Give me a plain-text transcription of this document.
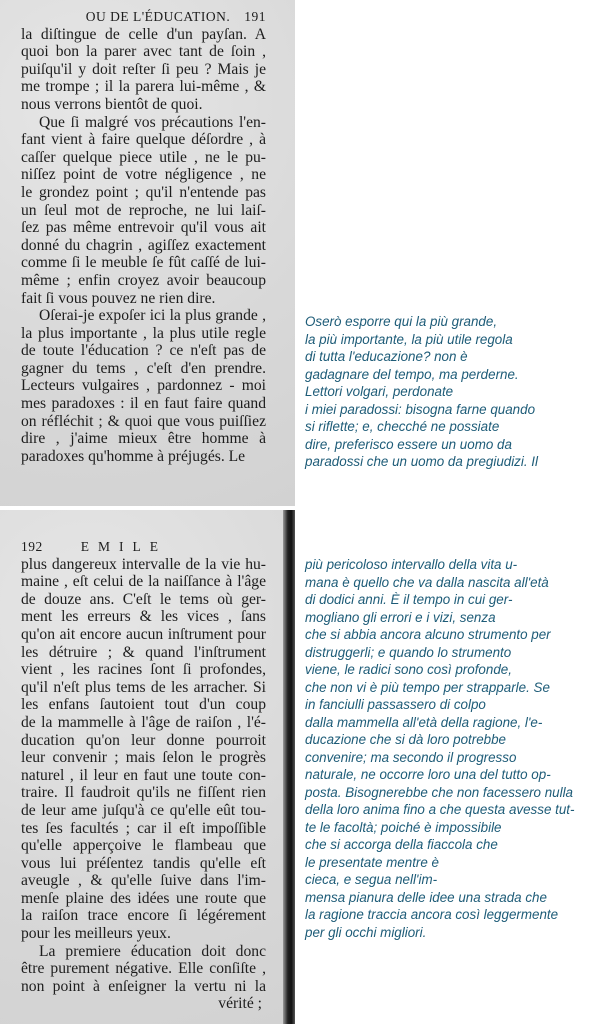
OU DE L'ÉDUCATION. 191
la diſtingue de celle d'un payſan. A
quoi bon la parer avec tant de ſoin ,
puiſqu'il y doit reſter ſi peu ? Mais je
me trompe ; il la parera lui-même , &
nous verrons bientôt de quoi.
Que ſi malgré vos précautions l'en-
fant vient à faire quelque déſordre , à
caſſer quelque piece utile , ne le pu-
niſſez point de votre négligence , ne
le grondez point ; qu'il n'entende pas
un ſeul mot de reproche, ne lui laiſ-
ſez pas même entrevoir qu'il vous ait
donné du chagrin , agiſſez exactement
comme ſi le meuble ſe fût caſſé de lui-
même ; enfin croyez avoir beaucoup
fait ſi vous pouvez ne rien dire.
Oſerai-je expoſer ici la plus grande ,
la plus importante , la plus utile regle
de toute l'éducation ? ce n'eſt pas de
gagner du tems , c'eſt d'en prendre.
Lecteurs vulgaires , pardonnez - moi
mes paradoxes : il en faut faire quand
on réfléchit ; & quoi que vous puiſſiez
dire , j'aime mieux être homme à
paradoxes qu'homme à préjugés. Le
192	EMILE
plus dangereux intervalle de la vie hu-
maine , eſt celui de la naiſſance à l'âge
de douze ans. C'eſt le tems où ger-
ment les erreurs & les vices , ſans
qu'on ait encore aucun inſtrument pour
les détruire ; & quand l'inſtrument
vient , les racines ſont ſi profondes,
qu'il n'eſt plus tems de les arracher. Si
les enfans ſautoient tout d'un coup
de la mammelle à l'âge de raiſon , l'é-
ducation qu'on leur donne pourroit
leur convenir ; mais ſelon le progrès
naturel , il leur en faut une toute con-
traire. Il faudroit qu'ils ne fiſſent rien
de leur ame juſqu'à ce qu'elle eût tou-
tes ſes facultés ; car il eſt impoſſible
qu'elle apperçoive le flambeau que
vous lui préſentez tandis qu'elle eſt
aveugle , & qu'elle ſuive dans l'im-
menſe plaine des idées une route que
la raiſon trace encore ſi légérement
pour les meilleurs yeux.
La premiere éducation doit donc
être purement négative. Elle conſiſte ,
non point à enſeigner la vertu ni la
vérité ;
Oserò esporre qui la più grande,
la più importante, la più utile regola
di tutta l'educazione? non è
gadagnare del tempo, ma perderne.
Lettori volgari, perdonate
i miei paradossi: bisogna farne quando
si riflette; e, checché ne possiate
dire, preferisco essere un uomo da
paradossi che un uomo da pregiudizi. Il
più pericoloso intervallo della vita u-
mana è quello che va dalla nascita all'età
di dodici anni. È il tempo in cui ger-
mogliano gli errori e i vizi, senza
che si abbia ancora alcuno strumento per
distruggerli; e quando lo strumento
viene, le radici sono così profonde,
che non vi è più tempo per strapparle. Se
in fanciulli passassero di colpo
dalla mammella all'età della ragione, l'e-
ducazione che si dà loro potrebbe
convenire; ma secondo il progresso
naturale, ne occorre loro una del tutto op-
posta. Bisognerebbe che non facessero nulla
della loro anima fino a che questa avesse tut-
te le facoltà; poiché è impossibile
che si accorga della fiaccola che
le presentate mentre è
cieca, e segua nell'im-
mensa pianura delle idee una strada che
la ragione traccia ancora così leggermente
per gli occhi migliori.
